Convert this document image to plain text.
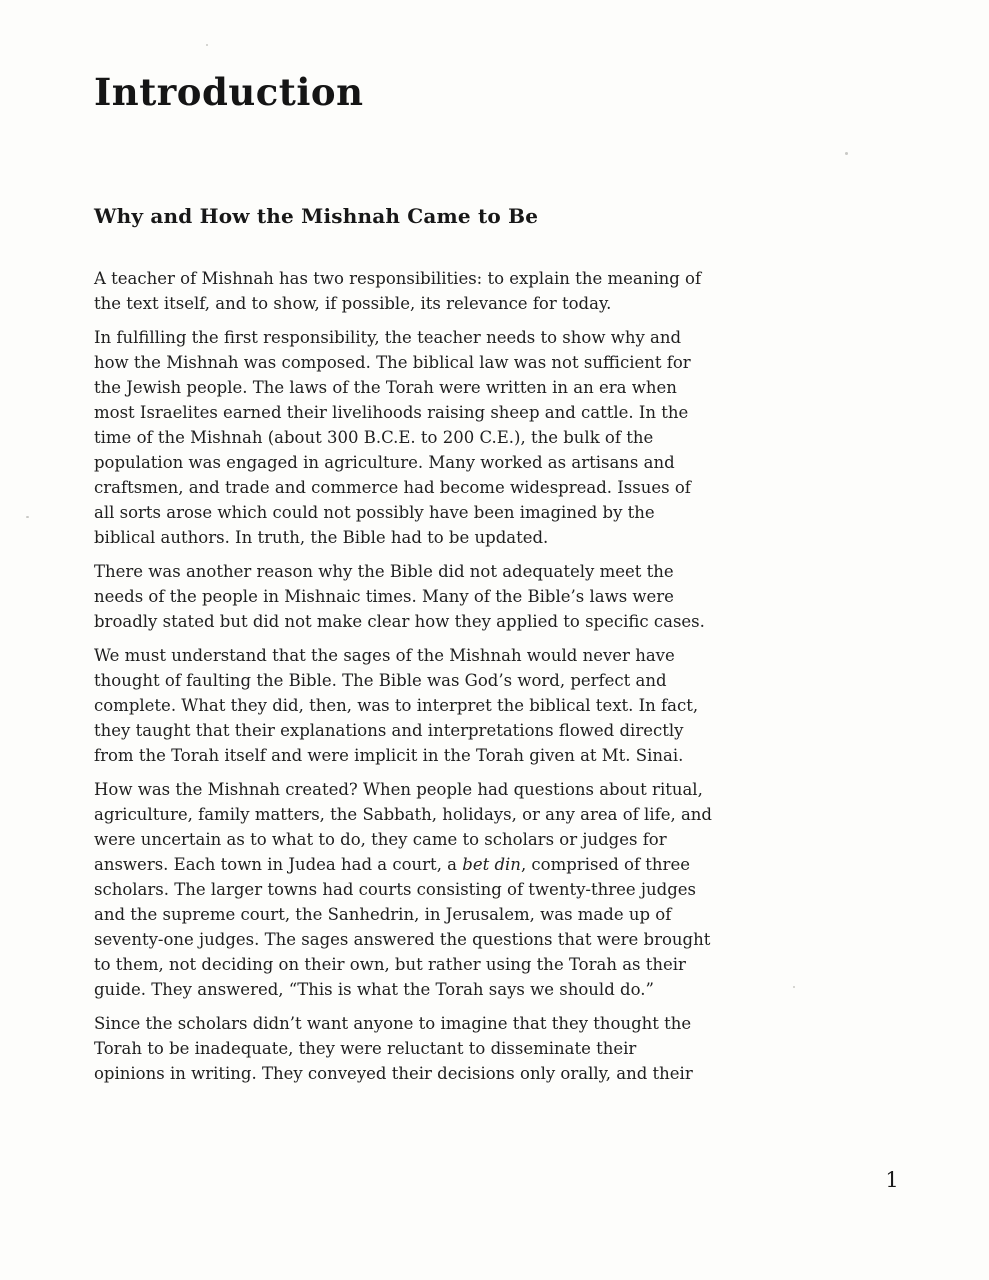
Introduction
Why and How the Mishnah Came to Be

A teacher of Mishnah has two responsibilities: to explain the meaning of the text itself, and to show, if possible, its relevance for today.

In fulfilling the first responsibility, the teacher needs to show why and how the Mishnah was composed. The biblical law was not sufficient for the Jewish people. The laws of the Torah were written in an era when most Israelites earned their livelihoods raising sheep and cattle. In the time of the Mishnah (about 300 B.C.E. to 200 C.E.), the bulk of the population was engaged in agriculture. Many worked as artisans and craftsmen, and trade and commerce had become widespread. Issues of all sorts arose which could not possibly have been imagined by the biblical authors. In truth, the Bible had to be updated.

There was another reason why the Bible did not adequately meet the needs of the people in Mishnaic times. Many of the Bible’s laws were broadly stated but did not make clear how they applied to specific cases.

We must understand that the sages of the Mishnah would never have thought of faulting the Bible. The Bible was God’s word, perfect and complete. What they did, then, was to interpret the biblical text. In fact, they taught that their explanations and interpretations flowed directly from the Torah itself and were implicit in the Torah given at Mt. Sinai.

How was the Mishnah created? When people had questions about ritual, agriculture, family matters, the Sabbath, holidays, or any area of life, and were uncertain as to what to do, they came to scholars or judges for answers. Each town in Judea had a court, a bet din, comprised of three scholars. The larger towns had courts consisting of twenty-three judges and the supreme court, the Sanhedrin, in Jerusalem, was made up of seventy-one judges. The sages answered the questions that were brought to them, not deciding on their own, but rather using the Torah as their guide. They answered, “This is what the Torah says we should do.”

Since the scholars didn’t want anyone to imagine that they thought the Torah to be inadequate, they were reluctant to disseminate their opinions in writing. They conveyed their decisions only orally, and their

1
